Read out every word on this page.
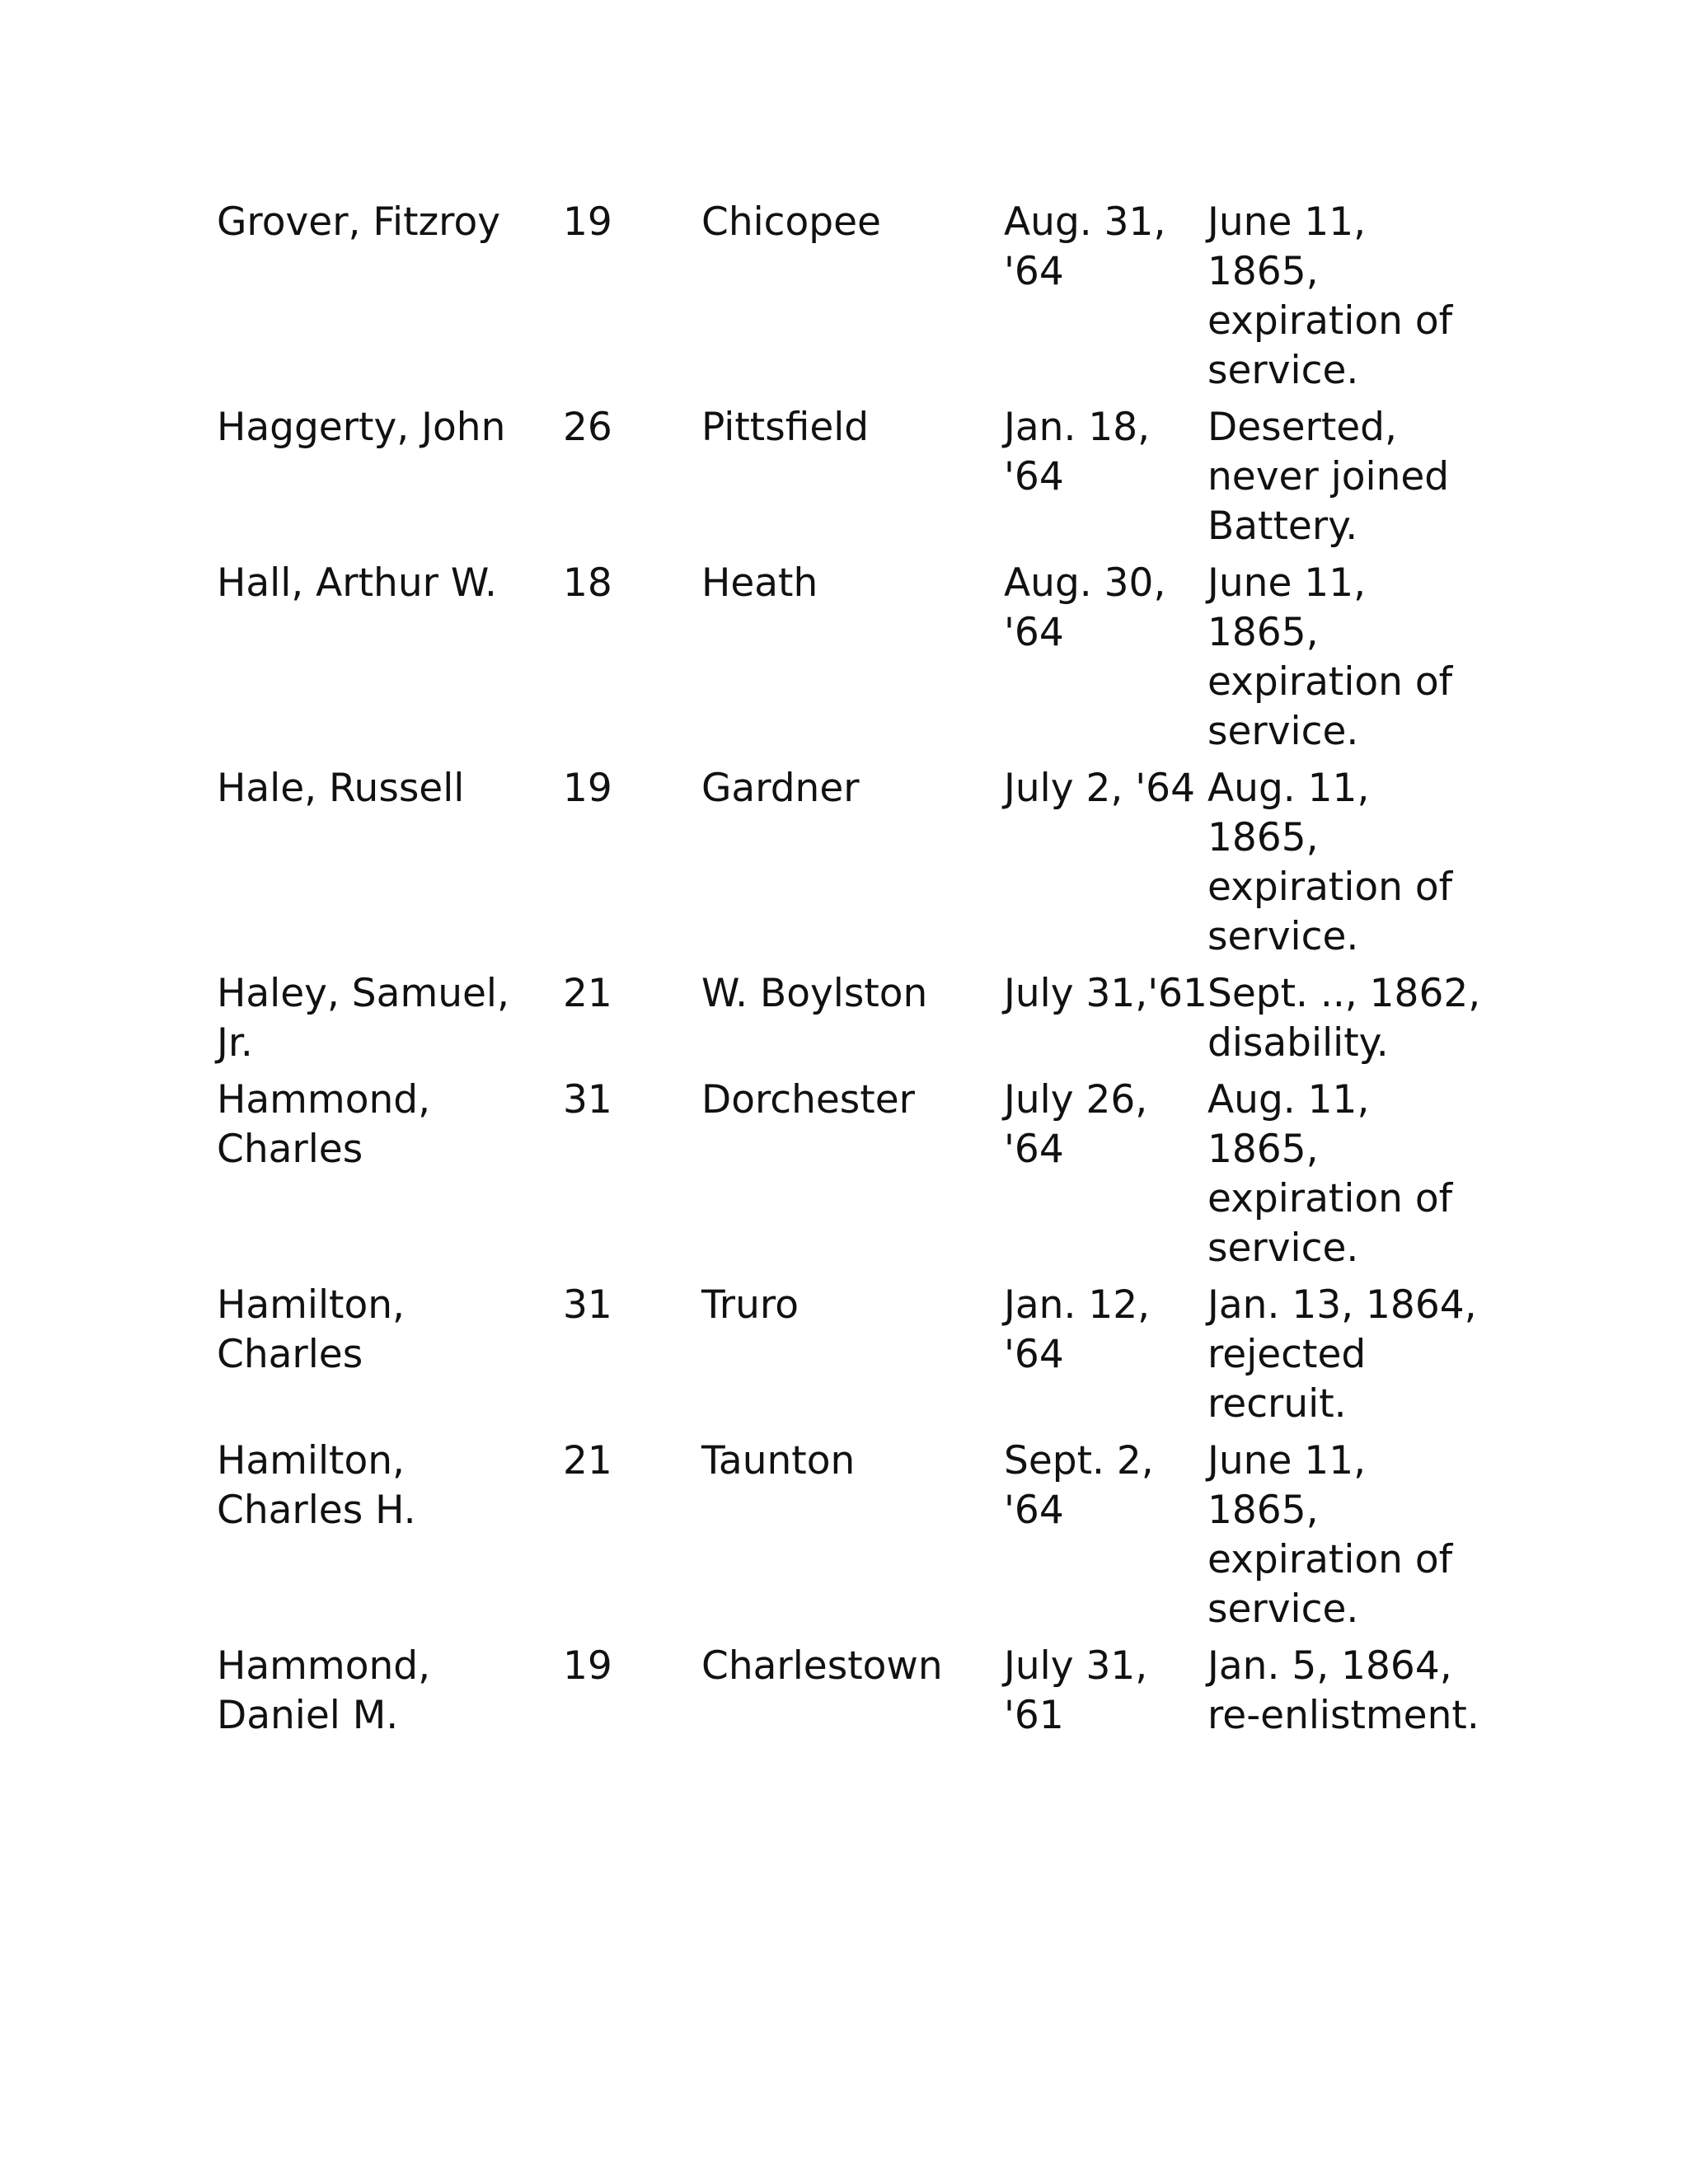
Grover, Fitzroy	19	Chicopee	Aug. 31, '64	June 11, 1865, expiration of service.
Haggerty, John	26	Pittsfield	Jan. 18, '64	Deserted, never joined Battery.
Hall, Arthur W.	18	Heath	Aug. 30, '64	June 11, 1865, expiration of service.
Hale, Russell	19	Gardner	July 2, '64	Aug. 11, 1865, expiration of service.
Haley, Samuel, Jr.	21	W. Boylston	July 31,'61	Sept. .., 1862, disability.
Hammond, Charles	31	Dorchester	July 26, '64	Aug. 11, 1865, expiration of service.
Hamilton, Charles	31	Truro	Jan. 12, '64	Jan. 13, 1864, rejected recruit.
Hamilton, Charles H.	21	Taunton	Sept. 2, '64	June 11, 1865, expiration of service.
Hammond, Daniel M.	19	Charlestown	July 31, '61	Jan. 5, 1864, re-enlistment.
